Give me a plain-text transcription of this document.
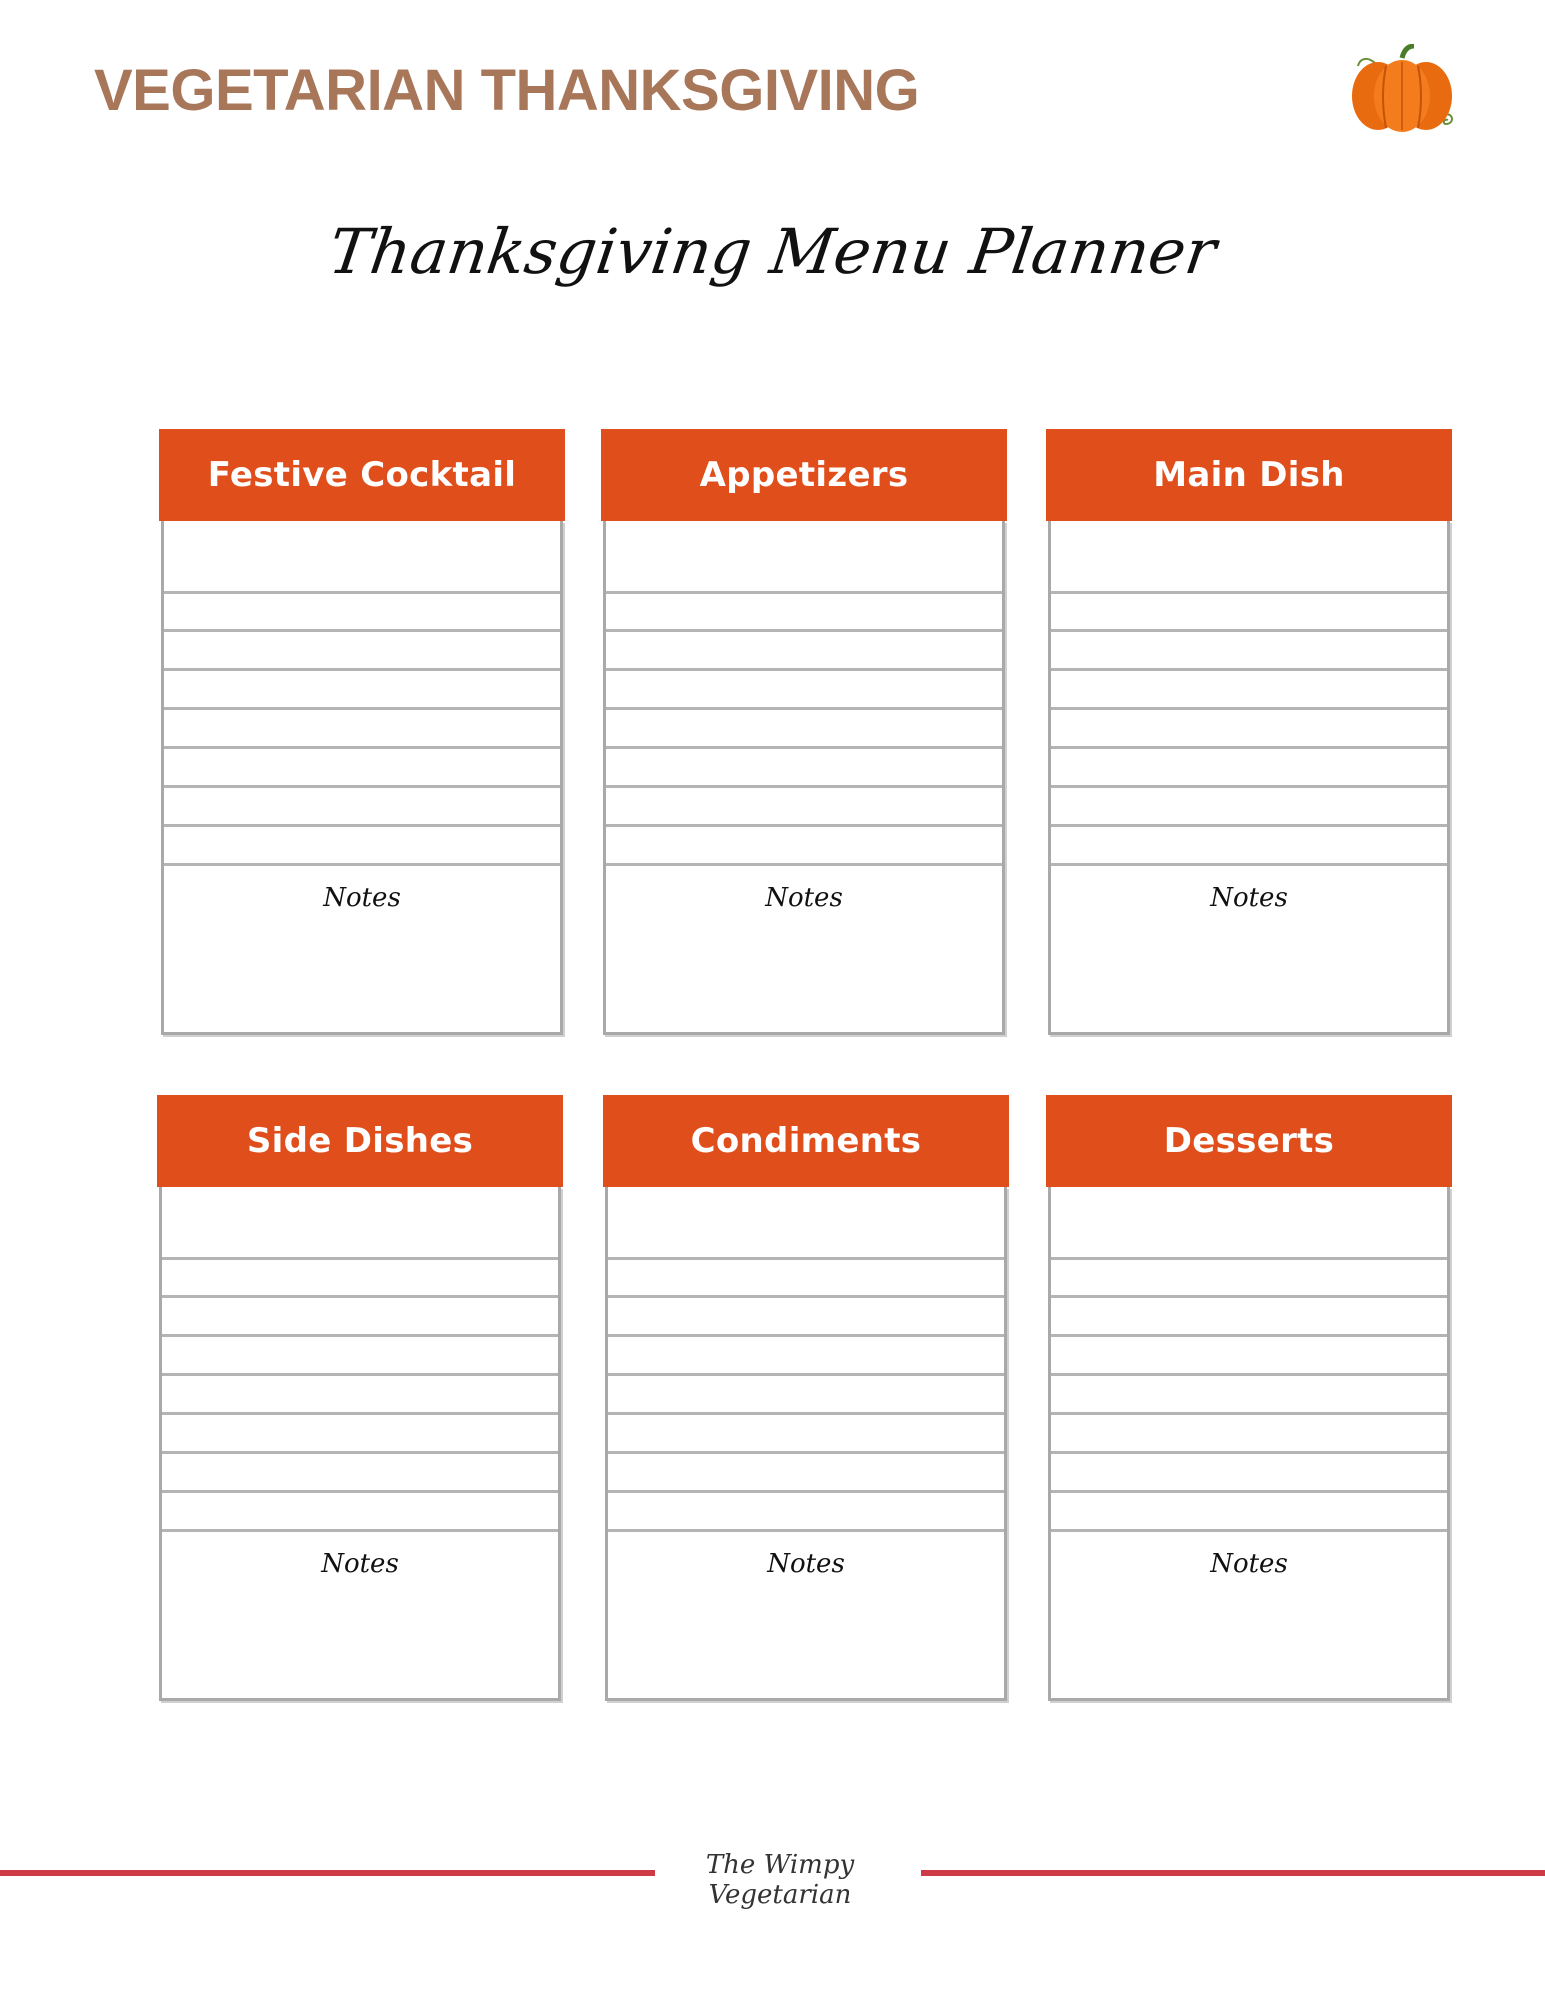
VEGETARIAN THANKSGIVING
Thanksgiving Menu Planner
Festive Cocktail
Notes
Appetizers
Notes
Main Dish
Notes
Side Dishes
Notes
Condiments
Notes
Desserts
Notes
The Wimpy Vegetarian
